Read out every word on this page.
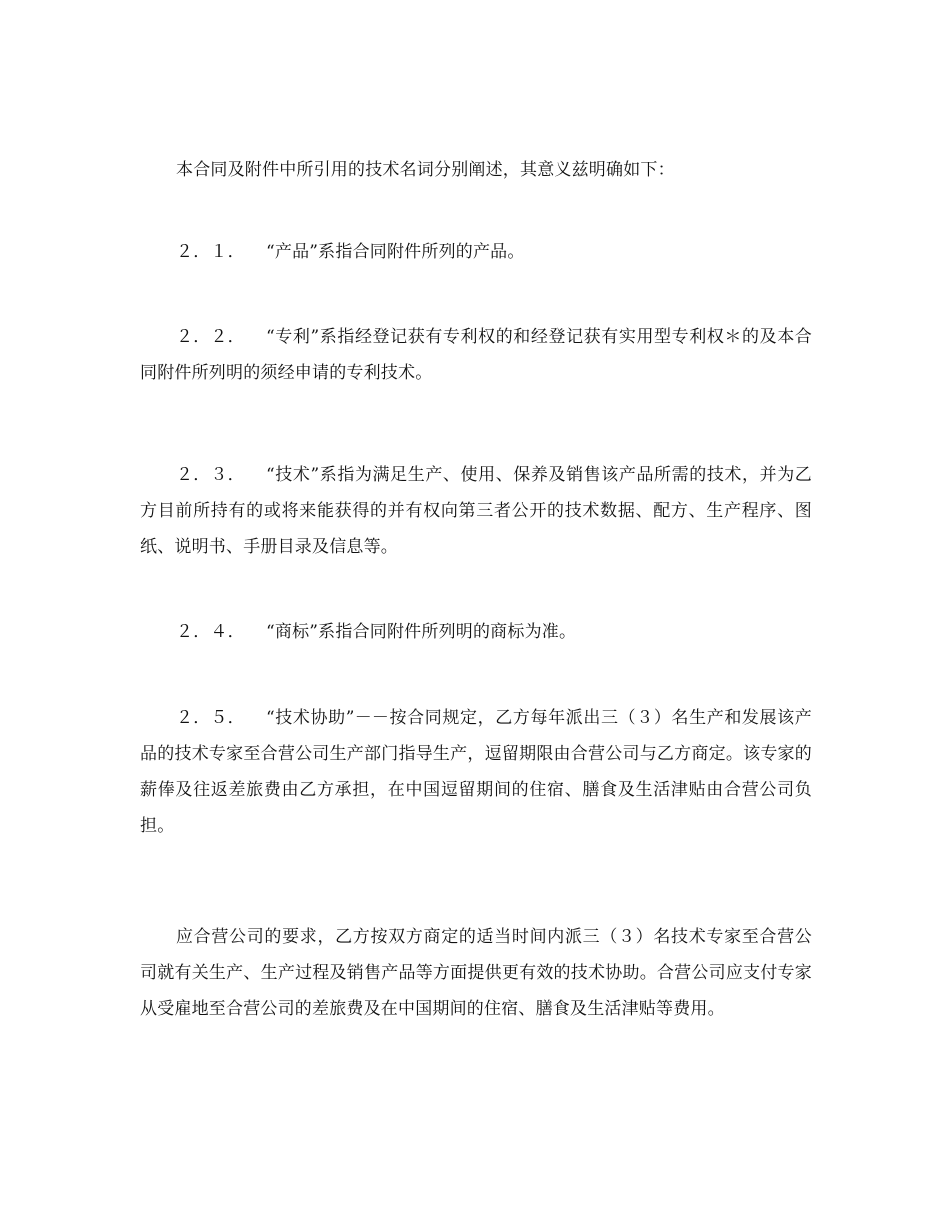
本合同及附件中所引用的技术名词分别阐述，其意义兹明确如下：

２．１． “产品”系指合同附件所列的产品。

２．２． “专利”系指经登记获有专利权的和经登记获有实用型专利权＊的及本合同附件所列明的须经申请的专利技术。

２．３． “技术”系指为满足生产、使用、保养及销售该产品所需的技术，并为乙方目前所持有的或将来能获得的并有权向第三者公开的技术数据、配方、生产程序、图纸、说明书、手册目录及信息等。

２．４． “商标”系指合同附件所列明的商标为准。

２．５． “技术协助”－－按合同规定，乙方每年派出三（３）名生产和发展该产品的技术专家至合营公司生产部门指导生产，逗留期限由合营公司与乙方商定。该专家的薪俸及往返差旅费由乙方承担，在中国逗留期间的住宿、膳食及生活津贴由合营公司负担。

应合营公司的要求，乙方按双方商定的适当时间内派三（３）名技术专家至合营公司就有关生产、生产过程及销售产品等方面提供更有效的技术协助。合营公司应支付专家从受雇地至合营公司的差旅费及在中国期间的住宿、膳食及生活津贴等费用。
